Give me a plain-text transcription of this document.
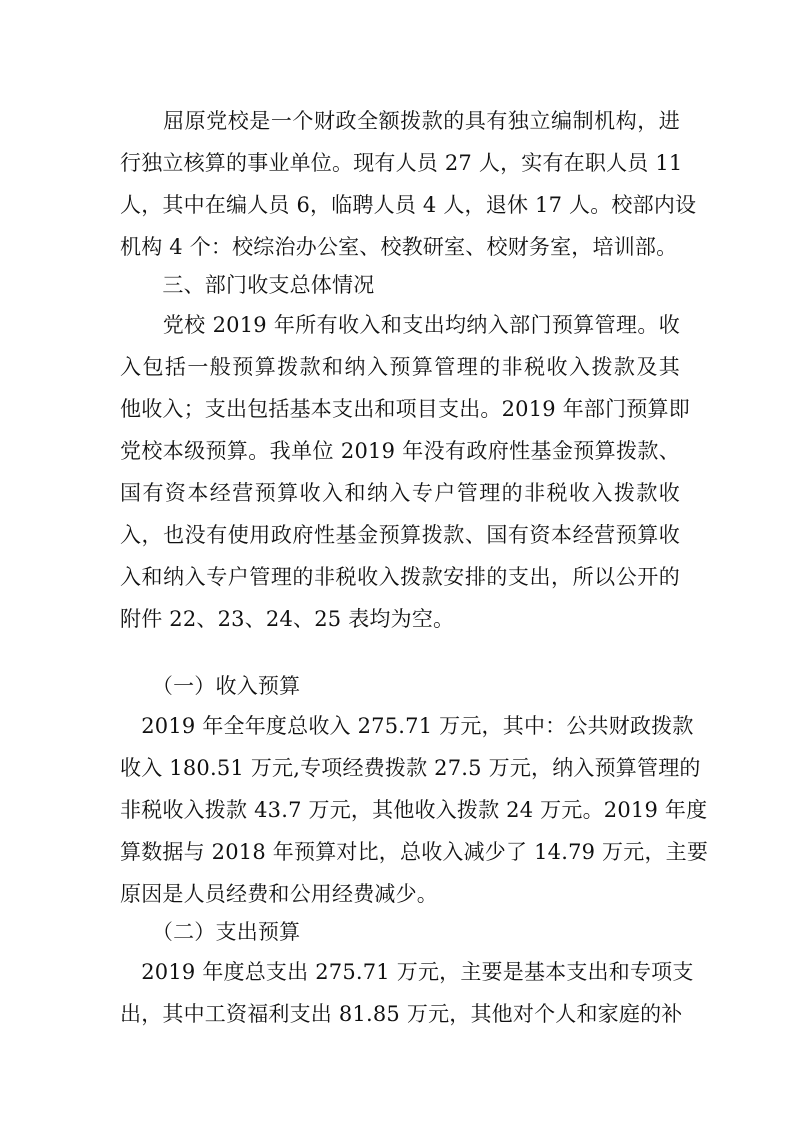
　　屈原党校是一个财政全额拨款的具有独立编制机构，进

行独立核算的事业单位。现有人员 27 人，实有在职人员 11

人，其中在编人员 6，临聘人员 4 人，退休 17 人。校部内设

机构 4 个：校综治办公室、校教研室、校财务室，培训部。

　　三、部门收支总体情况

　　党校 2019 年所有收入和支出均纳入部门预算管理。收

入包括一般预算拨款和纳入预算管理的非税收入拨款及其

他收入；支出包括基本支出和项目支出。2019 年部门预算即

党校本级预算。我单位 2019 年没有政府性基金预算拨款、

国有资本经营预算收入和纳入专户管理的非税收入拨款收

入，也没有使用政府性基金预算拨款、国有资本经营预算收

入和纳入专户管理的非税收入拨款安排的支出，所以公开的

附件 22、23、24、25 表均为空。

　　（一）收入预算

　2019 年全年度总收入 275.71 万元，其中：公共财政拨款

收入 180.51 万元,专项经费拨款 27.5 万元，纳入预算管理的

非税收入拨款 43.7 万元，其他收入拨款 24 万元。2019 年度

算数据与 2018 年预算对比，总收入减少了 14.79 万元，主要

原因是人员经费和公用经费减少。

　　（二）支出预算

　2019 年度总支出 275.71 万元，主要是基本支出和专项支

出，其中工资福利支出 81.85 万元，其他对个人和家庭的补
